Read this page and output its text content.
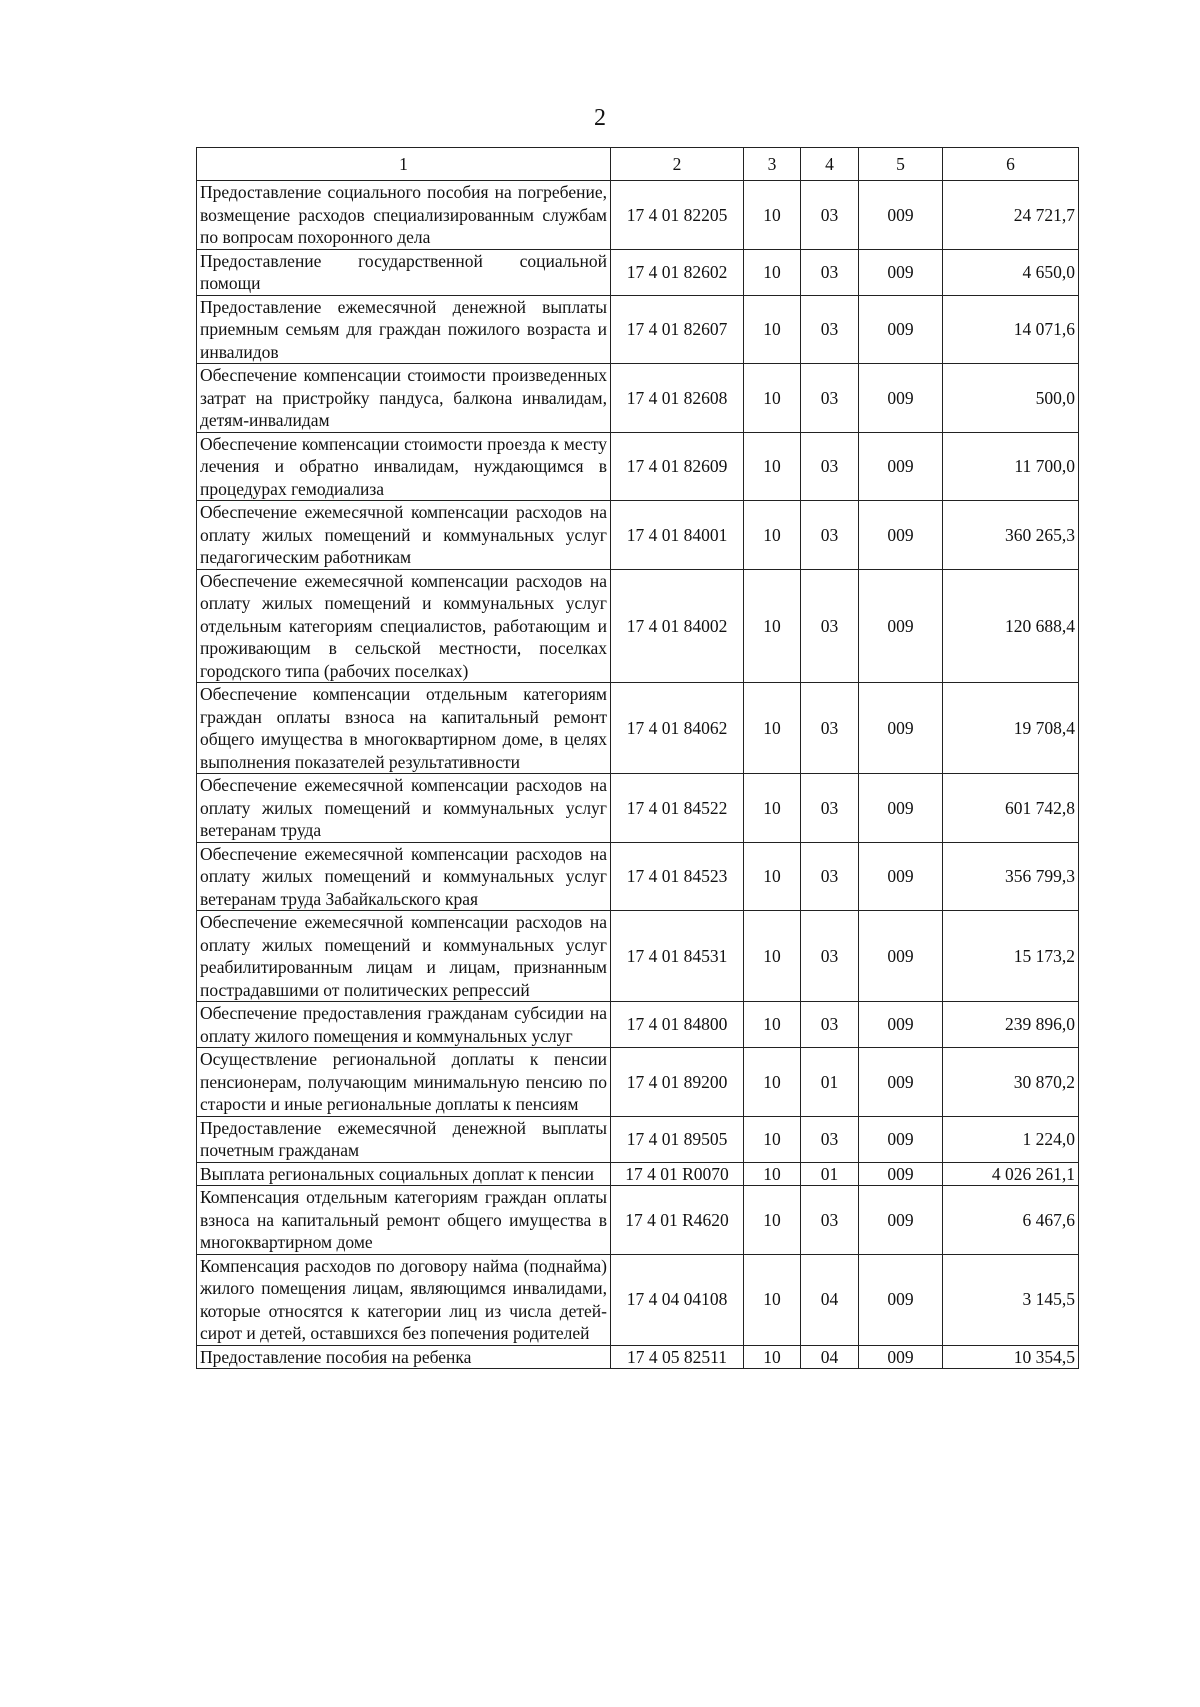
2
1	2	3	4	5	6
Предоставление социального пособия на погребение, возмещение расходов специализированным службам по вопросам похоронного дела	17 4 01 82205	10	03	009	24 721,7
Предоставление государственной социальной помощи	17 4 01 82602	10	03	009	4 650,0
Предоставление ежемесячной денежной выплаты приемным семьям для граждан пожилого возраста и инвалидов	17 4 01 82607	10	03	009	14 071,6
Обеспечение компенсации стоимости произведенных затрат на пристройку пандуса, балкона инвалидам, детям-инвалидам	17 4 01 82608	10	03	009	500,0
Обеспечение компенсации стоимости проезда к месту лечения и обратно инвалидам, нуждающимся в процедурах гемодиализа	17 4 01 82609	10	03	009	11 700,0
Обеспечение ежемесячной компенсации расходов на оплату жилых помещений и коммунальных услуг педагогическим работникам	17 4 01 84001	10	03	009	360 265,3
Обеспечение ежемесячной компенсации расходов на оплату жилых помещений и коммунальных услуг отдельным категориям специалистов, работающим и проживающим в сельской местности, поселках городского типа (рабочих поселках)	17 4 01 84002	10	03	009	120 688,4
Обеспечение компенсации отдельным категориям граждан оплаты взноса на капитальный ремонт общего имущества в многоквартирном доме, в целях выполнения показателей результативности	17 4 01 84062	10	03	009	19 708,4
Обеспечение ежемесячной компенсации расходов на оплату жилых помещений и коммунальных услуг ветеранам труда	17 4 01 84522	10	03	009	601 742,8
Обеспечение ежемесячной компенсации расходов на оплату жилых помещений и коммунальных услуг ветеранам труда Забайкальского края	17 4 01 84523	10	03	009	356 799,3
Обеспечение ежемесячной компенсации расходов на оплату жилых помещений и коммунальных услуг реабилитированным лицам и лицам, признанным пострадавшими от политических репрессий	17 4 01 84531	10	03	009	15 173,2
Обеспечение предоставления гражданам субсидии на оплату жилого помещения и коммунальных услуг	17 4 01 84800	10	03	009	239 896,0
Осуществление региональной доплаты к пенсии пенсионерам, получающим минимальную пенсию по старости и иные региональные доплаты к пенсиям	17 4 01 89200	10	01	009	30 870,2
Предоставление ежемесячной денежной выплаты почетным гражданам	17 4 01 89505	10	03	009	1 224,0
Выплата региональных социальных доплат к пенсии	17 4 01 R0070	10	01	009	4 026 261,1
Компенсация отдельным категориям граждан оплаты взноса на капитальный ремонт общего имущества в многоквартирном доме	17 4 01 R4620	10	03	009	6 467,6
Компенсация расходов по договору найма (поднайма) жилого помещения лицам, являющимся инвалидами, которые относятся к категории лиц из числа детей-сирот и детей, оставшихся без попечения родителей	17 4 04 04108	10	04	009	3 145,5
Предоставление пособия на ребенка	17 4 05 82511	10	04	009	10 354,5
